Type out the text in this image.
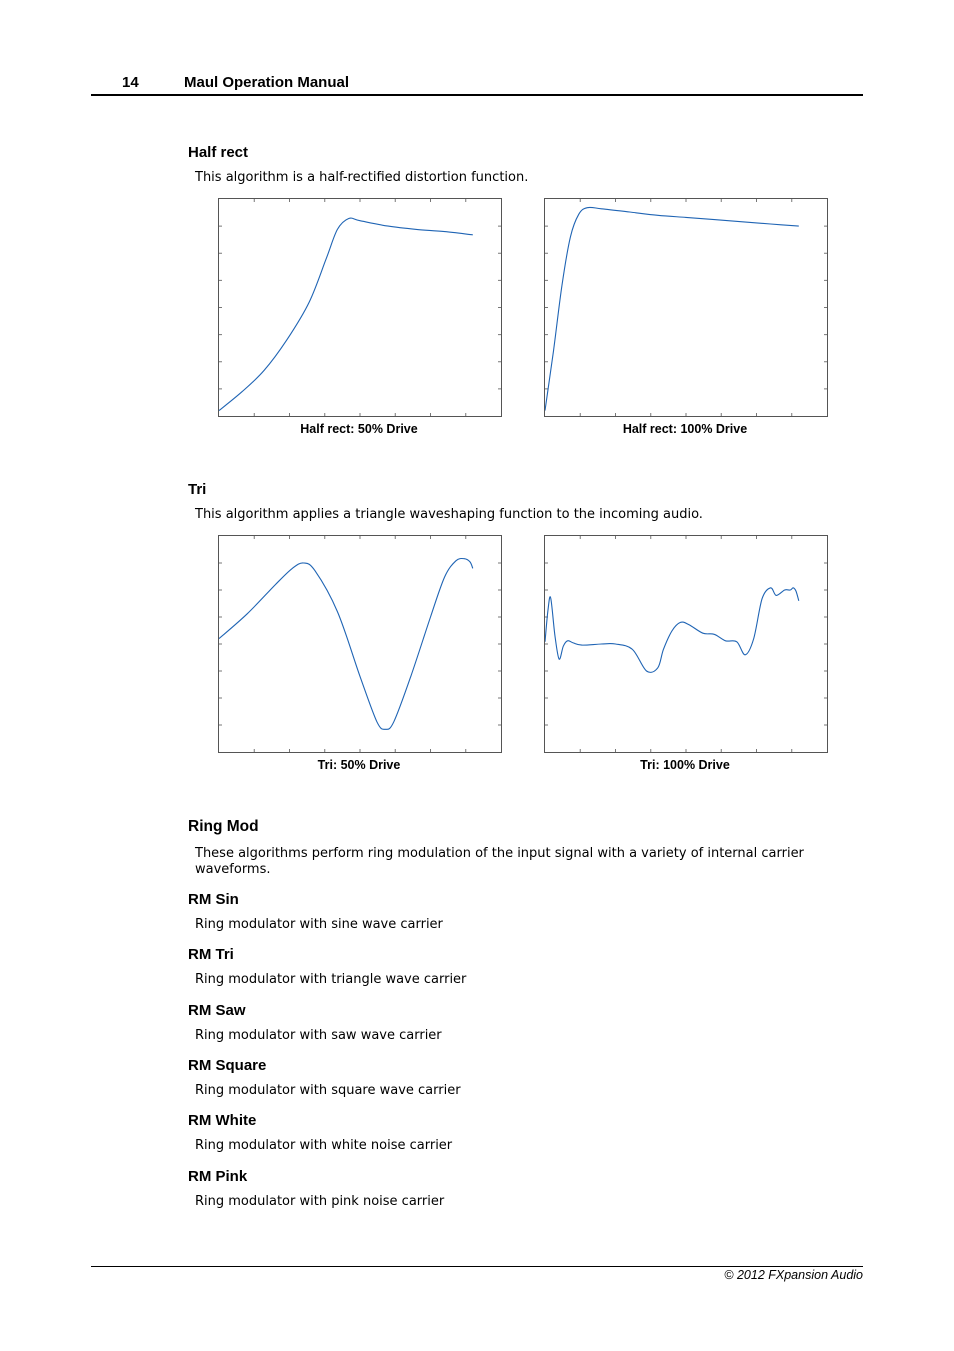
14	Maul Operation Manual
Half rect
This algorithm is a half-rectified distortion function.
Half rect: 50% Drive	Half rect: 100% Drive
Tri
This algorithm applies a triangle waveshaping function to the incoming audio.
Tri: 50% Drive	Tri: 100% Drive
Ring Mod
These algorithms perform ring modulation of the input signal with a variety of internal carrier waveforms.
RM Sin
Ring modulator with sine wave carrier
RM Tri
Ring modulator with triangle wave carrier
RM Saw
Ring modulator with saw wave carrier
RM Square
Ring modulator with square wave carrier
RM White
Ring modulator with white noise carrier
RM Pink
Ring modulator with pink noise carrier
© 2012 FXpansion Audio
